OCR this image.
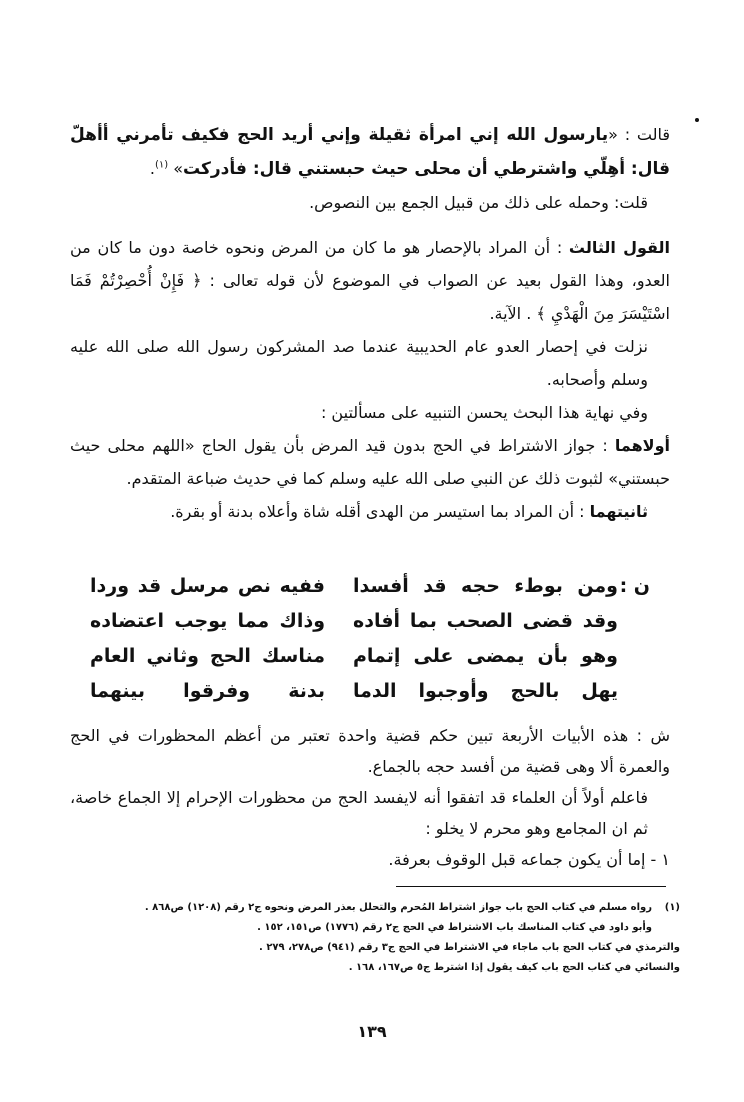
قالت : «يارسول الله إني امرأة ثقيلة وإني أريد الحج فكيف تأمرني أأهلّ قال: أهِلّي واشترطي أن محلى حيث حبستني قال: فأدركت» $^{(١)}$.

قلت: وحمله على ذلك من قبيل الجمع بين النصوص.

القول الثالث : أن المراد بالإحصار هو ما كان من المرض ونحوه خاصة دون ما كان من العدو، وهذا القول بعيد عن الصواب في الموضوع لأن قوله تعالى : ﴿ فَإِنْ أُحْصِرْتُمْ فَمَا اسْتَيْسَرَ مِنَ الْهَدْيِ ﴾ . الآية.

نزلت في إحصار العدو عام الحديبية عندما صد المشركون رسول الله صلى الله عليه وسلم وأصحابه.

وفي نهاية هذا البحث يحسن التنبيه على مسألتين :

أولاهما : جواز الاشتراط في الحج بدون قيد المرض بأن يقول الحاج «اللهم محلى حيث حبستني» لثبوت ذلك عن النبي صلى الله عليه وسلم كما في حديث ضباعة المتقدم.

ثانيتهما : أن المراد بما استيسر من الهدى أقله شاة وأعلاه بدنة أو بقرة.

ن :
ومن بوطء حجه قد أفسدا
ففيه نص مرسل قد وردا
وقد قضى الصحب بما أفاده
وذاك مما يوجب اعتضاده
وهو بأن يمضى على إتمام
مناسك الحج وثاني العام
يهل بالحج وأوجبوا الدما
بدنة وفرقوا بينهما

ش : هذه الأبيات الأربعة تبين حكم قضية واحدة تعتبر من أعظم المحظورات في الحج والعمرة ألا وهى قضية من أفسد حجه بالجماع.

فاعلم أولاً أن العلماء قد اتفقوا أنه لايفسد الحج من محظورات الإحرام إلا الجماع خاصة، ثم ان المجامع وهو محرم لا يخلو :

١ - إما أن يكون جماعه قبل الوقوف بعرفة.

(١)رواه مسلم في كتاب الحج باب جواز اشتراط المُحرم والتحلل بعذر المرض ونحوه ج٢ رقم (١٢٠٨) ص٨٦٨ .

وأبو داود في كتاب المناسك باب الاشتراط في الحج ج٢ رقم (١٧٧٦) ص١٥١، ١٥٢ .

والترمذي في كتاب الحج باب ماجاء في الاشتراط في الحج ج٣ رقم (٩٤١) ص٢٧٨، ٢٧٩ .

والنسائي في كتاب الحج باب كيف يقول إذا اشترط ج٥ ص١٦٧، ١٦٨ .

١٣٩
